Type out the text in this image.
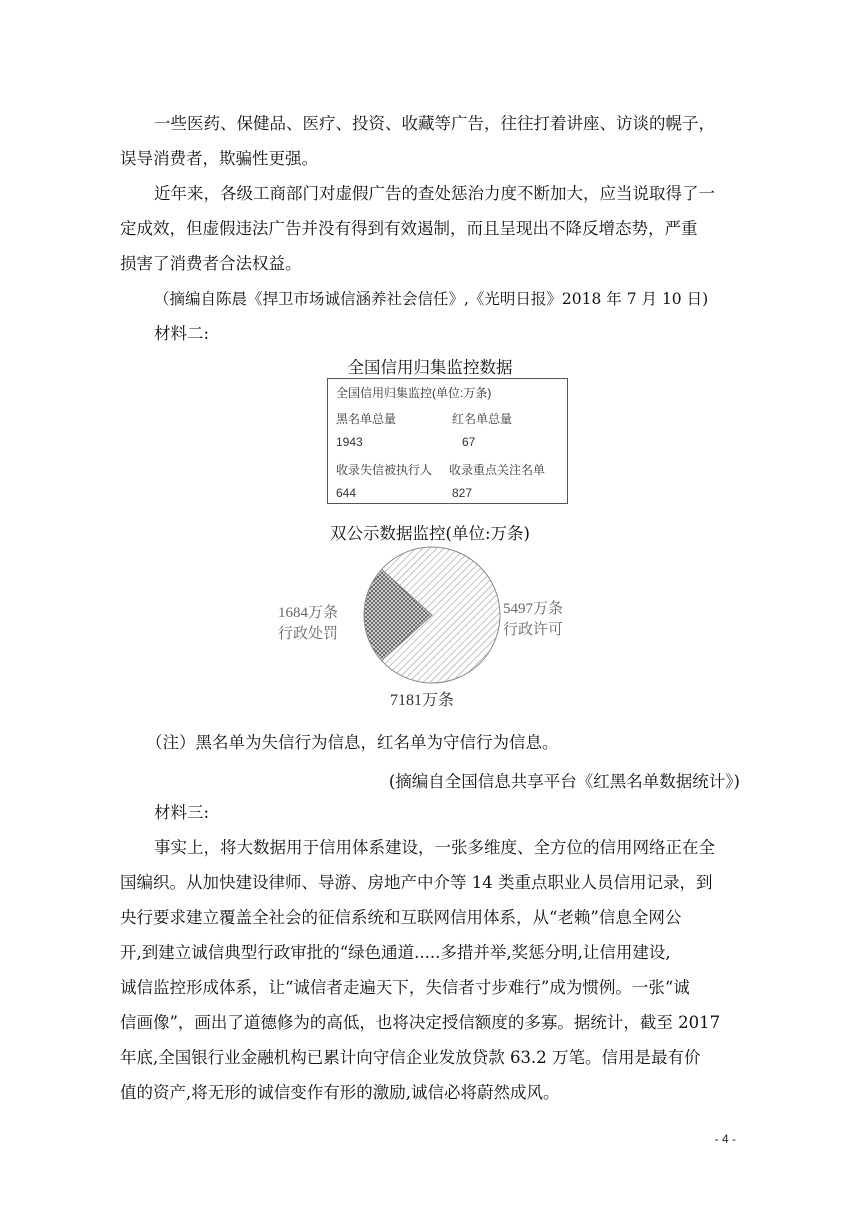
一些医药、保健品、医疗、投资、收藏等广告，往往打着讲座、访谈的幌子，
误导消费者，欺骗性更强。
近年来，各级工商部门对虚假广告的查处惩治力度不断加大，应当说取得了一
定成效，但虚假违法广告并没有得到有效遏制，而且呈现出不降反增态势，严重
损害了消费者合法权益。
（摘编自陈晨《捍卫市场诚信涵养社会信任》,《光明日报》2018 年 7 月 10 日)
材料二:
全国信用归集监控数据
全国信用归集监控(单位:万条)
黑名单总量	红名单总量
1943	67
收录失信被执行人 收录重点关注名单
644	827
双公示数据监控(单位:万条)
1684万条
行政处罚
5497万条
行政许可
7181万条
（注）黑名单为失信行为信息，红名单为守信行为信息。
(摘编自全国信息共享平台《红黑名单数据统计》)
材料三:
事实上，将大数据用于信用体系建设，一张多维度、全方位的信用网络正在全
国编织。从加快建设律师、导游、房地产中介等 14 类重点职业人员信用记录，到
央行要求建立覆盖全社会的征信系统和互联网信用体系，从“老赖”信息全网公
开,到建立诚信典型行政审批的“绿色通道.....多措并举,奖惩分明,让信用建设,
诚信监控形成体系，让“诚信者走遍天下，失信者寸步难行”成为惯例。一张“诚
信画像”，画出了道德修为的高低，也将决定授信额度的多寡。据统计，截至 2017
年底,全国银行业金融机构已累计向守信企业发放贷款 63.2 万笔。信用是最有价
值的资产,将无形的诚信变作有形的激励,诚信必将蔚然成风。
- 4 -
